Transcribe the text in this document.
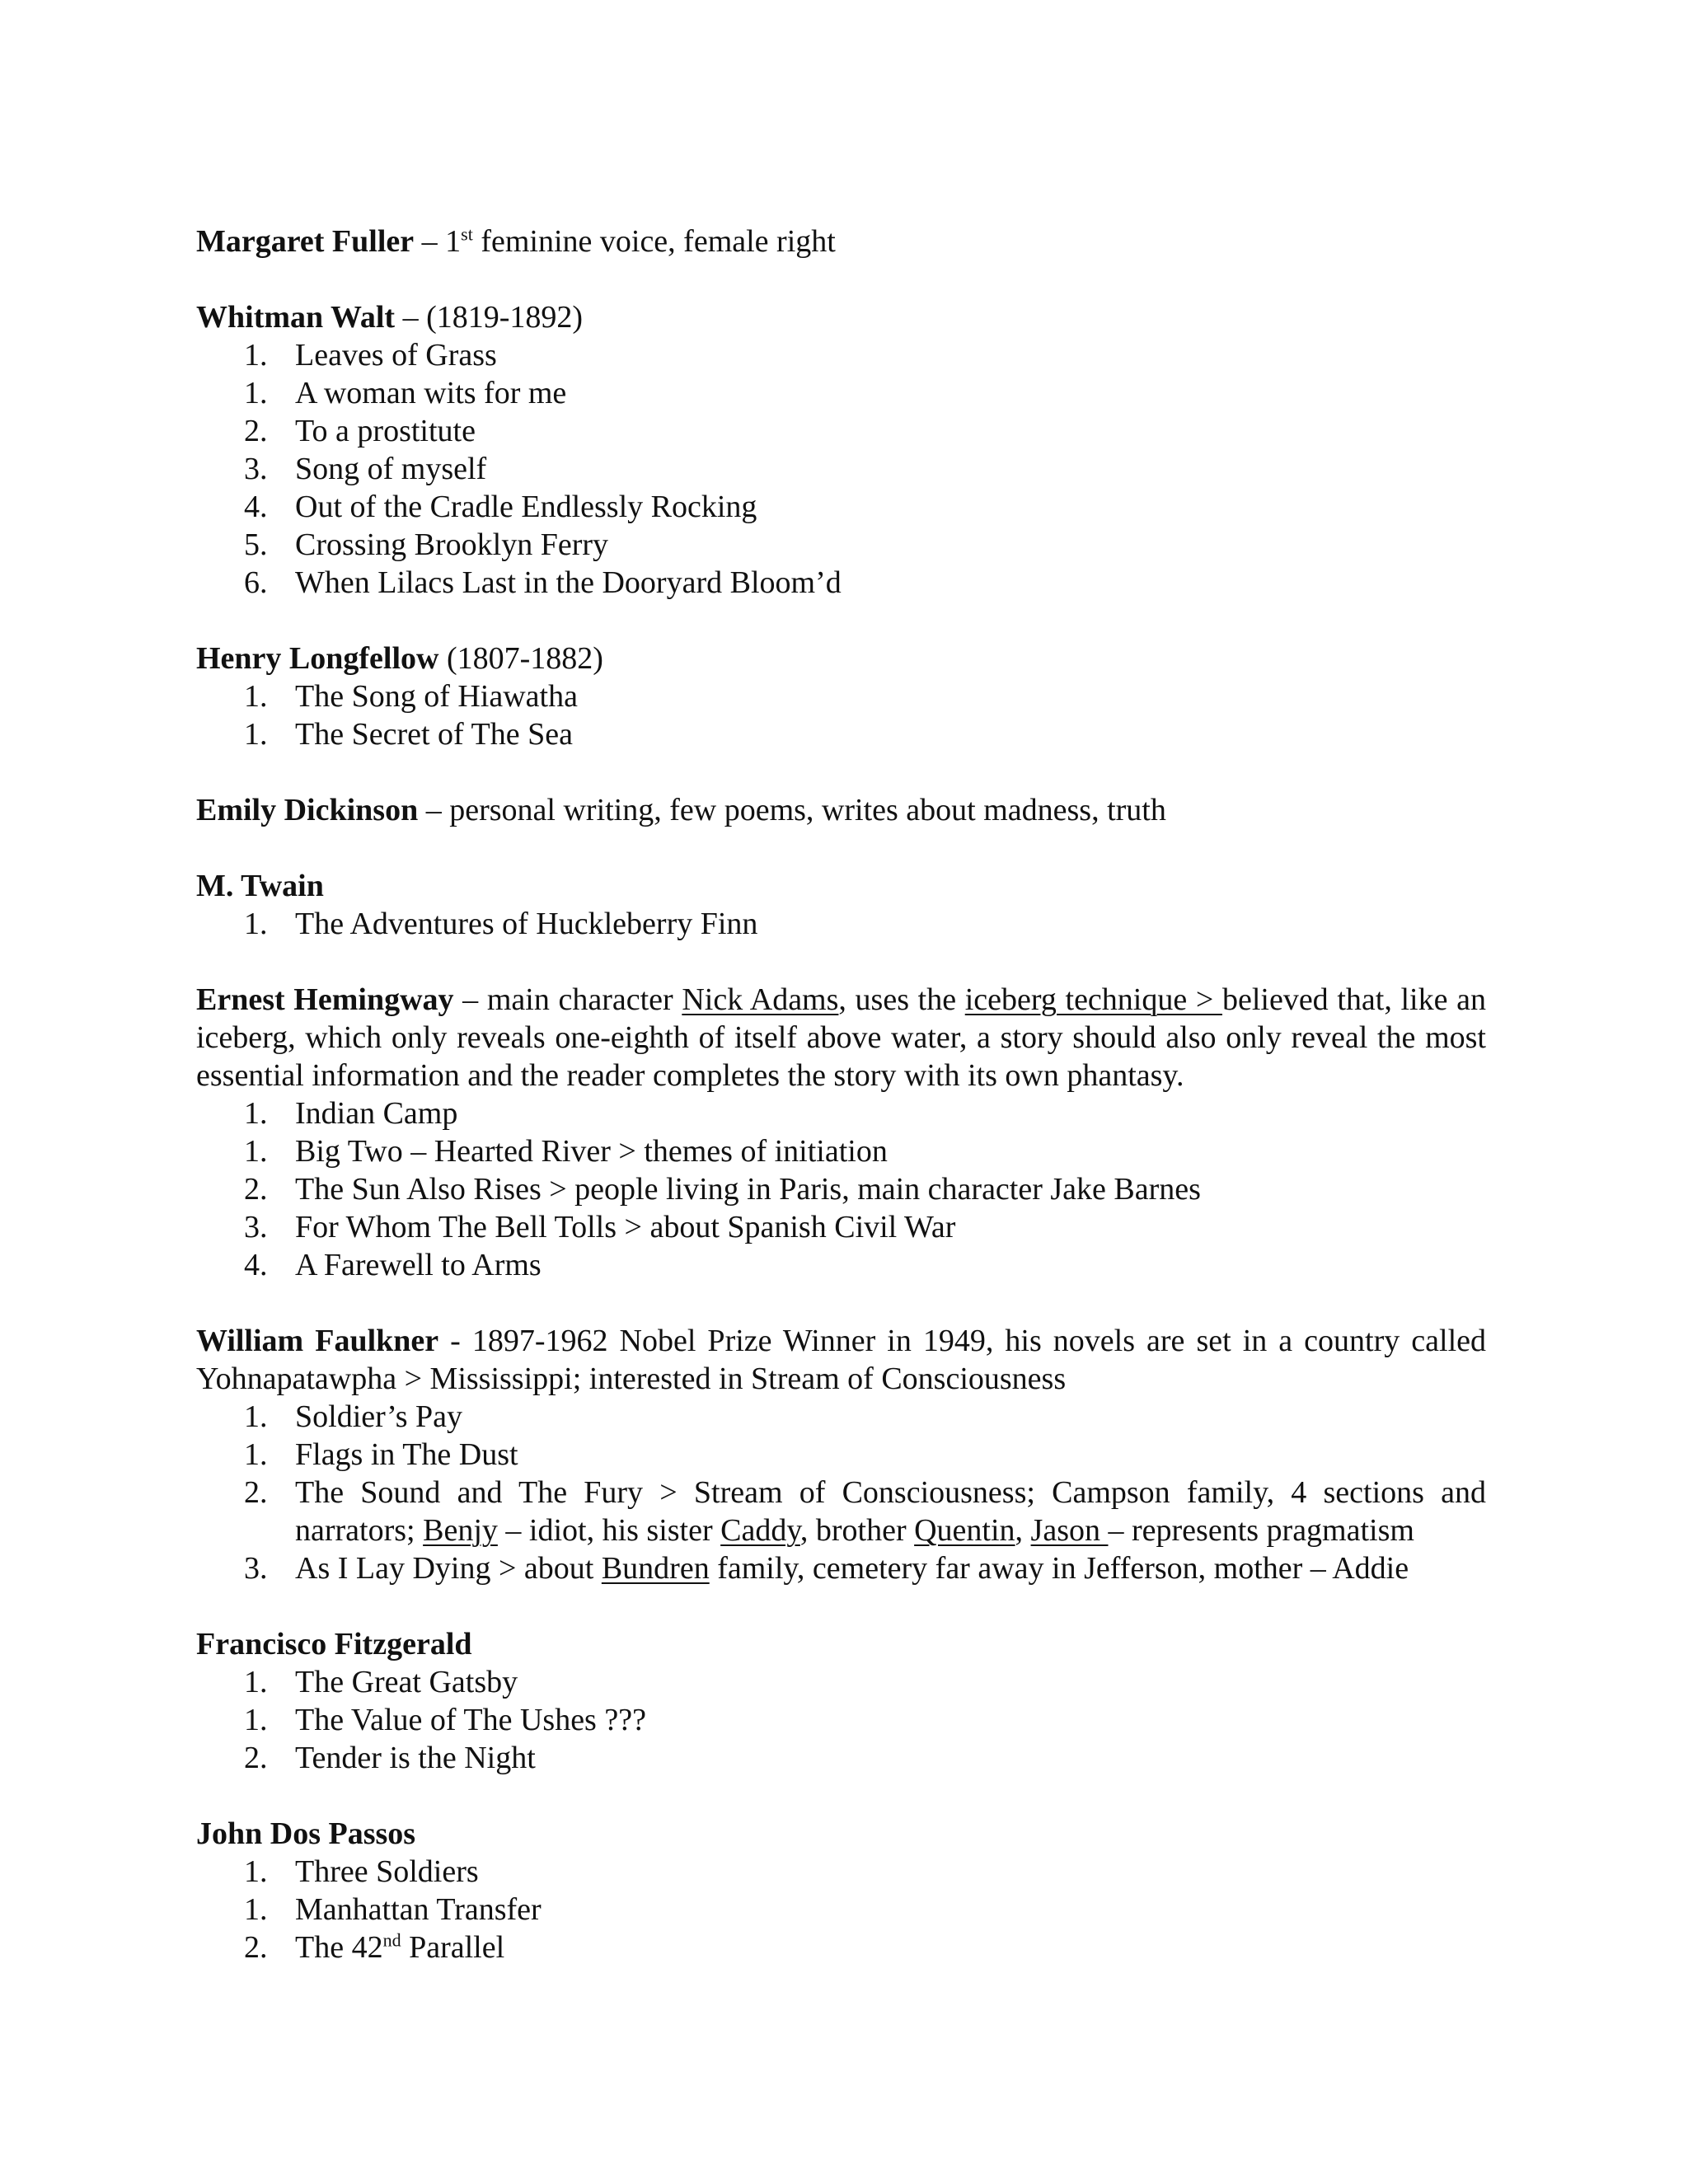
Margaret Fuller – 1st feminine voice, female right

Whitman Walt – (1819-1892)

1. Leaves of Grass
1. A woman wits for me
2. To a prostitute
3. Song of myself
4. Out of the Cradle Endlessly Rocking
5. Crossing Brooklyn Ferry
6. When Lilacs Last in the Dooryard Bloom’d

Henry Longfellow (1807-1882)

1. The Song of Hiawatha
1. The Secret of The Sea

Emily Dickinson – personal writing, few poems, writes about madness, truth

M. Twain

1. The Adventures of Huckleberry Finn

Ernest Hemingway – main character Nick Adams, uses the iceberg technique > believed that, like an iceberg, which only reveals one-eighth of itself above water, a story should also only reveal the most essential information and the reader completes the story with its own phantasy.

1. Indian Camp
1. Big Two – Hearted River > themes of initiation
2. The Sun Also Rises > people living in Paris, main character Jake Barnes
3. For Whom The Bell Tolls > about Spanish Civil War
4. A Farewell to Arms

William Faulkner - 1897-1962 Nobel Prize Winner in 1949, his novels are set in a country called Yohnapatawpha > Mississippi; interested in Stream of Consciousness

1. Soldier’s Pay
1. Flags in The Dust
2. The Sound and The Fury > Stream of Consciousness; Campson family, 4 sections and narrators; Benjy – idiot, his sister Caddy, brother Quentin, Jason – represents pragmatism
3. As I Lay Dying > about Bundren family, cemetery far away in Jefferson, mother – Addie

Francisco Fitzgerald

1. The Great Gatsby
1. The Value of The Ushes ???
2. Tender is the Night

John Dos Passos

1. Three Soldiers
1. Manhattan Transfer
2. The 42nd Parallel
